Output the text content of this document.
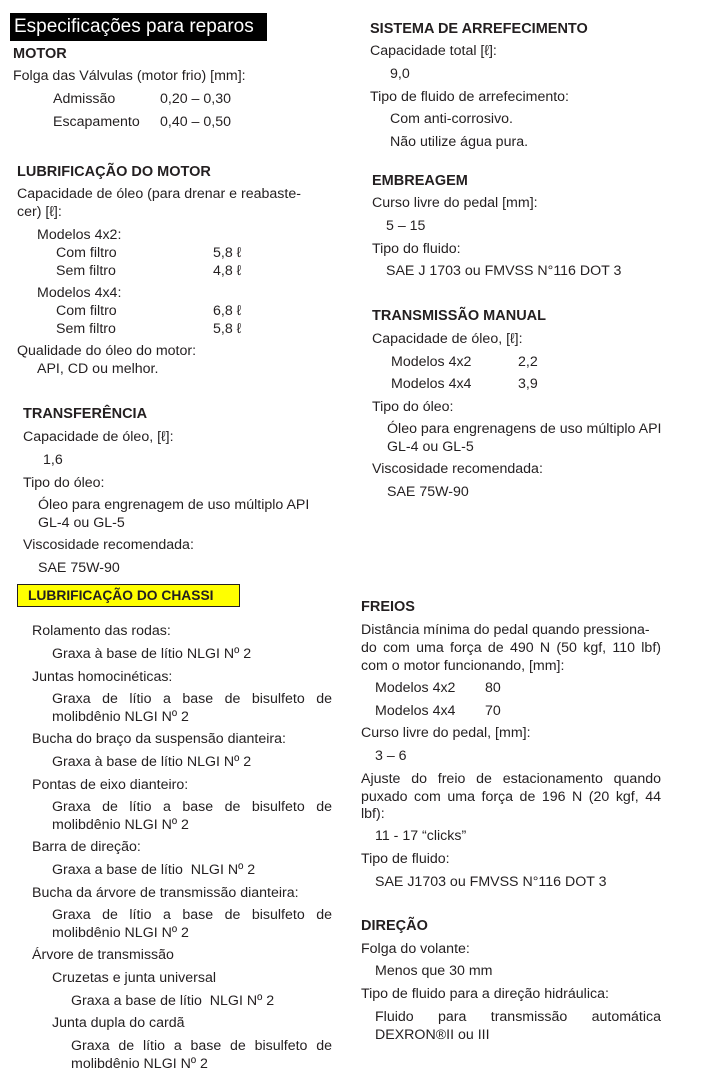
Especificações para reparos
MOTOR
Folga das Válvulas (motor frio) [mm]:
Admissão	0,20 – 0,30
Escapamento 0,40 – 0,50
LUBRIFICAÇÃO DO MOTOR
Capacidade de óleo (para drenar e reabaste-
cer) [ℓ]:
Modelos 4x2:
Com filtro	5,8 ℓ
Sem filtro	4,8 ℓ
Modelos 4x4:
Com filtro	6,8 ℓ
Sem filtro	5,8 ℓ
Qualidade do óleo do motor:
API, CD ou melhor.
TRANSFERÊNCIA
Capacidade de óleo, [ℓ]:
1,6
Tipo do óleo:
Óleo para engrenagem de uso múltiplo API
GL-4 ou GL-5
Viscosidade recomendada:
SAE 75W-90
LUBRIFICAÇÃO DO CHASSI
Rolamento das rodas:
Graxa à base de lítio NLGI Nº 2
Juntas homocinéticas:
Graxa de lítio a base de bisulfeto de
molibdênio NLGI Nº 2
Bucha do braço da suspensão dianteira:
Graxa à base de lítio NLGI Nº 2
Pontas de eixo dianteiro:
Graxa de lítio a base de bisulfeto de
molibdênio NLGI Nº 2
Barra de direção:
Graxa a base de lítio  NLGI Nº 2
Bucha da árvore de transmissão dianteira:
Graxa de lítio a base de bisulfeto de
molibdênio NLGI Nº 2
Árvore de transmissão
Cruzetas e junta universal
Graxa a base de lítio  NLGI Nº 2
Junta dupla do cardã
Graxa de lítio a base de bisulfeto de
molibdênio NLGI Nº 2
SISTEMA DE ARREFECIMENTO
Capacidade total [ℓ]:
9,0
Tipo de fluido de arrefecimento:
Com anti-corrosivo.
Não utilize água pura.
EMBREAGEM
Curso livre do pedal [mm]:
5 – 15
Tipo do fluido:
SAE J 1703 ou FMVSS N°116 DOT 3
TRANSMISSÃO MANUAL
Capacidade de óleo, [ℓ]:
Modelos 4x2	2,2
Modelos 4x4	3,9
Tipo do óleo:
Óleo para engrenagens de uso múltiplo API
GL-4 ou GL-5
Viscosidade recomendada:
SAE 75W-90
FREIOS
Distância mínima do pedal quando pressiona-
do com uma força de 490 N (50 kgf, 110 lbf)
com o motor funcionando, [mm]:
Modelos 4x2 80
Modelos 4x4 70
Curso livre do pedal, [mm]:
3 – 6
Ajuste do freio de estacionamento quando
puxado com uma força de 196 N (20 kgf, 44
lbf):
11 - 17 “clicks”
Tipo de fluido:
SAE J1703 ou FMVSS N°116 DOT 3
DIREÇÃO
Folga do volante:
Menos que 30 mm
Tipo de fluido para a direção hidráulica:
Fluido para transmissão automática
DEXRON®II ou III
